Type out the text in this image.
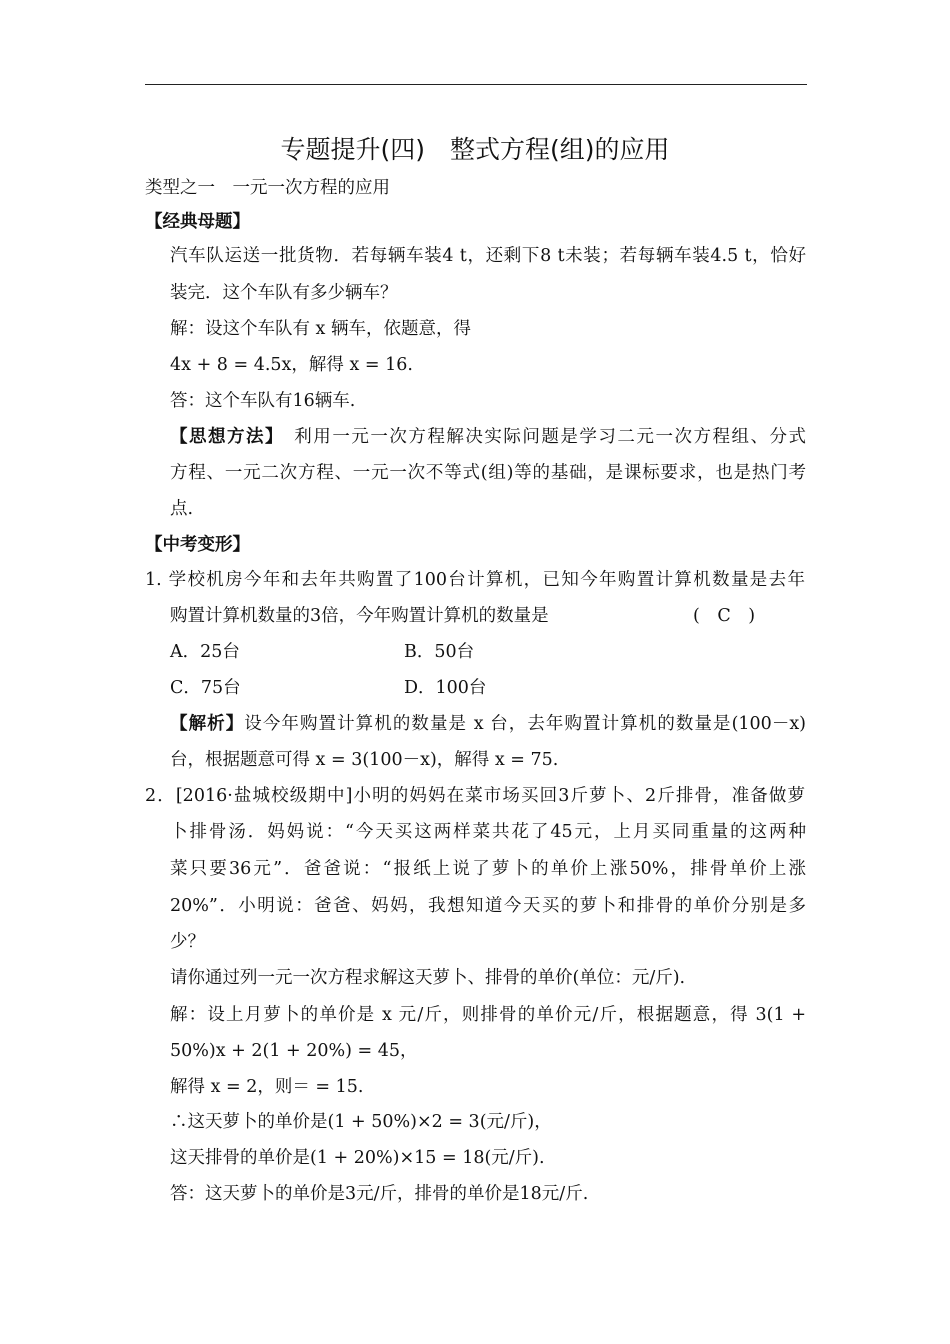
专题提升(四)　整式方程(组)的应用
类型之一　一元一次方程的应用
【经典母题】
汽车队运送一批货物．若每辆车装4 t，还剩下8 t未装；若每辆车装4.5 t，恰好
装完．这个车队有多少辆车？
解：设这个车队有 x 辆车，依题意，得
4x + 8 = 4.5x，解得 x = 16.
答：这个车队有16辆车.
【思想方法】　利用一元一次方程解决实际问题是学习二元一次方程组、分式
方程、一元二次方程、一元一次不等式(组)等的基础，是课标要求，也是热门考
点.
【中考变形】
1. 学校机房今年和去年共购置了100台计算机，已知今年购置计算机数量是去年
购置计算机数量的3倍，今年购置计算机的数量是	(　C　)
A．25台	B．50台
C．75台	D．100台
【解析】设今年购置计算机的数量是 x 台，去年购置计算机的数量是(100－x)
台，根据题意可得 x = 3(100－x)，解得 x = 75.
2．[2016·盐城校级期中]小明的妈妈在菜市场买回3斤萝卜、2斤排骨，准备做萝
卜排骨汤．妈妈说：“今天买这两样菜共花了45元，上月买同重量的这两种
菜只要36元”．爸爸说：“报纸上说了萝卜的单价上涨50%，排骨单价上涨
20%”．小明说：爸爸、妈妈，我想知道今天买的萝卜和排骨的单价分别是多
少？
请你通过列一元一次方程求解这天萝卜、排骨的单价(单位：元/斤).
解：设上月萝卜的单价是 x 元/斤，则排骨的单价元/斤，根据题意，得 3(1 +
50%)x + 2(1 + 20%) = 45，
解得 x = 2，则＝ = 15.
∴这天萝卜的单价是(1 + 50%)×2 = 3(元/斤)，
这天排骨的单价是(1 + 20%)×15 = 18(元/斤).
答：这天萝卜的单价是3元/斤，排骨的单价是18元/斤.
